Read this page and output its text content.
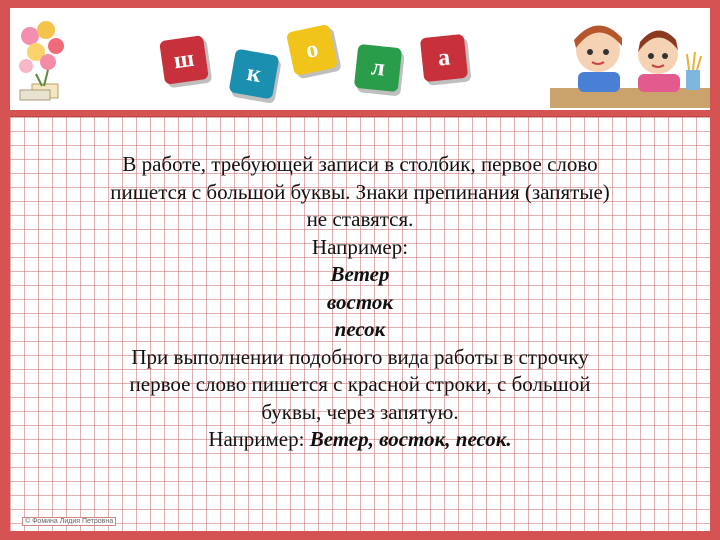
ш к
о
л а
В работе, требующей записи в столбик, первое слово
пишется с большой буквы. Знаки препинания (запятые)
не ставятся.
Например:
Ветер
восток
песок
При выполнении подобного вида работы в строчку
первое слово пишется с красной строки, с большой
буквы, через запятую.
Например: Ветер, восток, песок.
© Фомина Лидия Петровна
